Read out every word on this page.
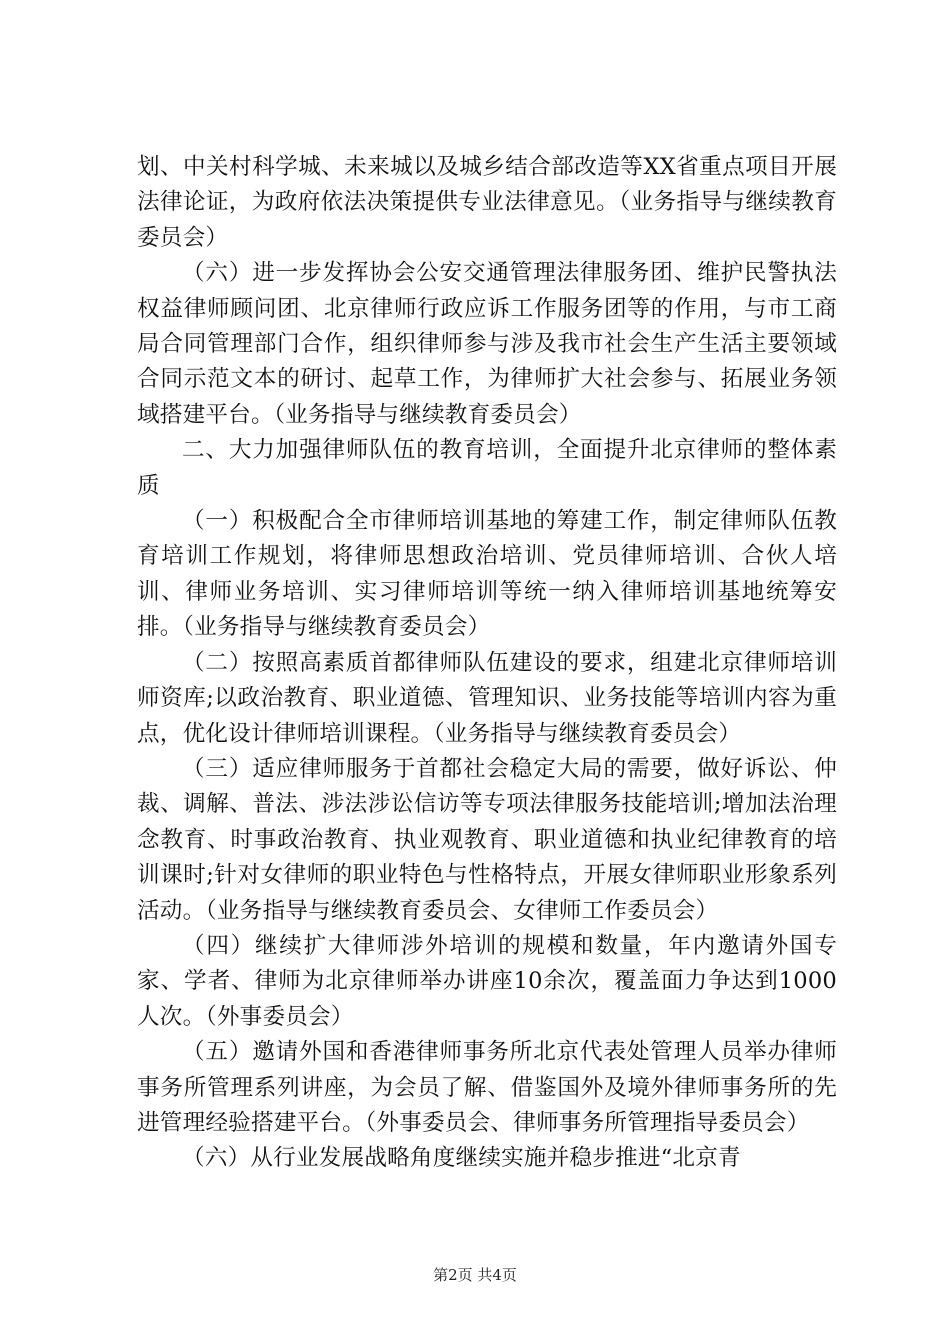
划、中关村科学城、未来城以及城乡结合部改造等XX省重点项目开展法律论证，为政府依法决策提供专业法律意见。（业务指导与继续教育委员会）

（六）进一步发挥协会公安交通管理法律服务团、维护民警执法权益律师顾问团、北京律师行政应诉工作服务团等的作用，与市工商局合同管理部门合作，组织律师参与涉及我市社会生产生活主要领域合同示范文本的研讨、起草工作，为律师扩大社会参与、拓展业务领域搭建平台。（业务指导与继续教育委员会）

二、大力加强律师队伍的教育培训，全面提升北京律师的整体素质

（一）积极配合全市律师培训基地的筹建工作，制定律师队伍教育培训工作规划，将律师思想政治培训、党员律师培训、合伙人培训、律师业务培训、实习律师培训等统一纳入律师培训基地统筹安排。（业务指导与继续教育委员会）

（二）按照高素质首都律师队伍建设的要求，组建北京律师培训师资库;以政治教育、职业道德、管理知识、业务技能等培训内容为重点，优化设计律师培训课程。（业务指导与继续教育委员会）

（三）适应律师服务于首都社会稳定大局的需要，做好诉讼、仲裁、调解、普法、涉法涉讼信访等专项法律服务技能培训;增加法治理念教育、时事政治教育、执业观教育、职业道德和执业纪律教育的培训课时;针对女律师的职业特色与性格特点，开展女律师职业形象系列活动。（业务指导与继续教育委员会、女律师工作委员会）

（四）继续扩大律师涉外培训的规模和数量，年内邀请外国专家、学者、律师为北京律师举办讲座10余次，覆盖面力争达到1000人次。（外事委员会）

（五）邀请外国和香港律师事务所北京代表处管理人员举办律师事务所管理系列讲座，为会员了解、借鉴国外及境外律师事务所的先进管理经验搭建平台。（外事委员会、律师事务所管理指导委员会）

（六）从行业发展战略角度继续实施并稳步推进“北京青

第2页 共4页
